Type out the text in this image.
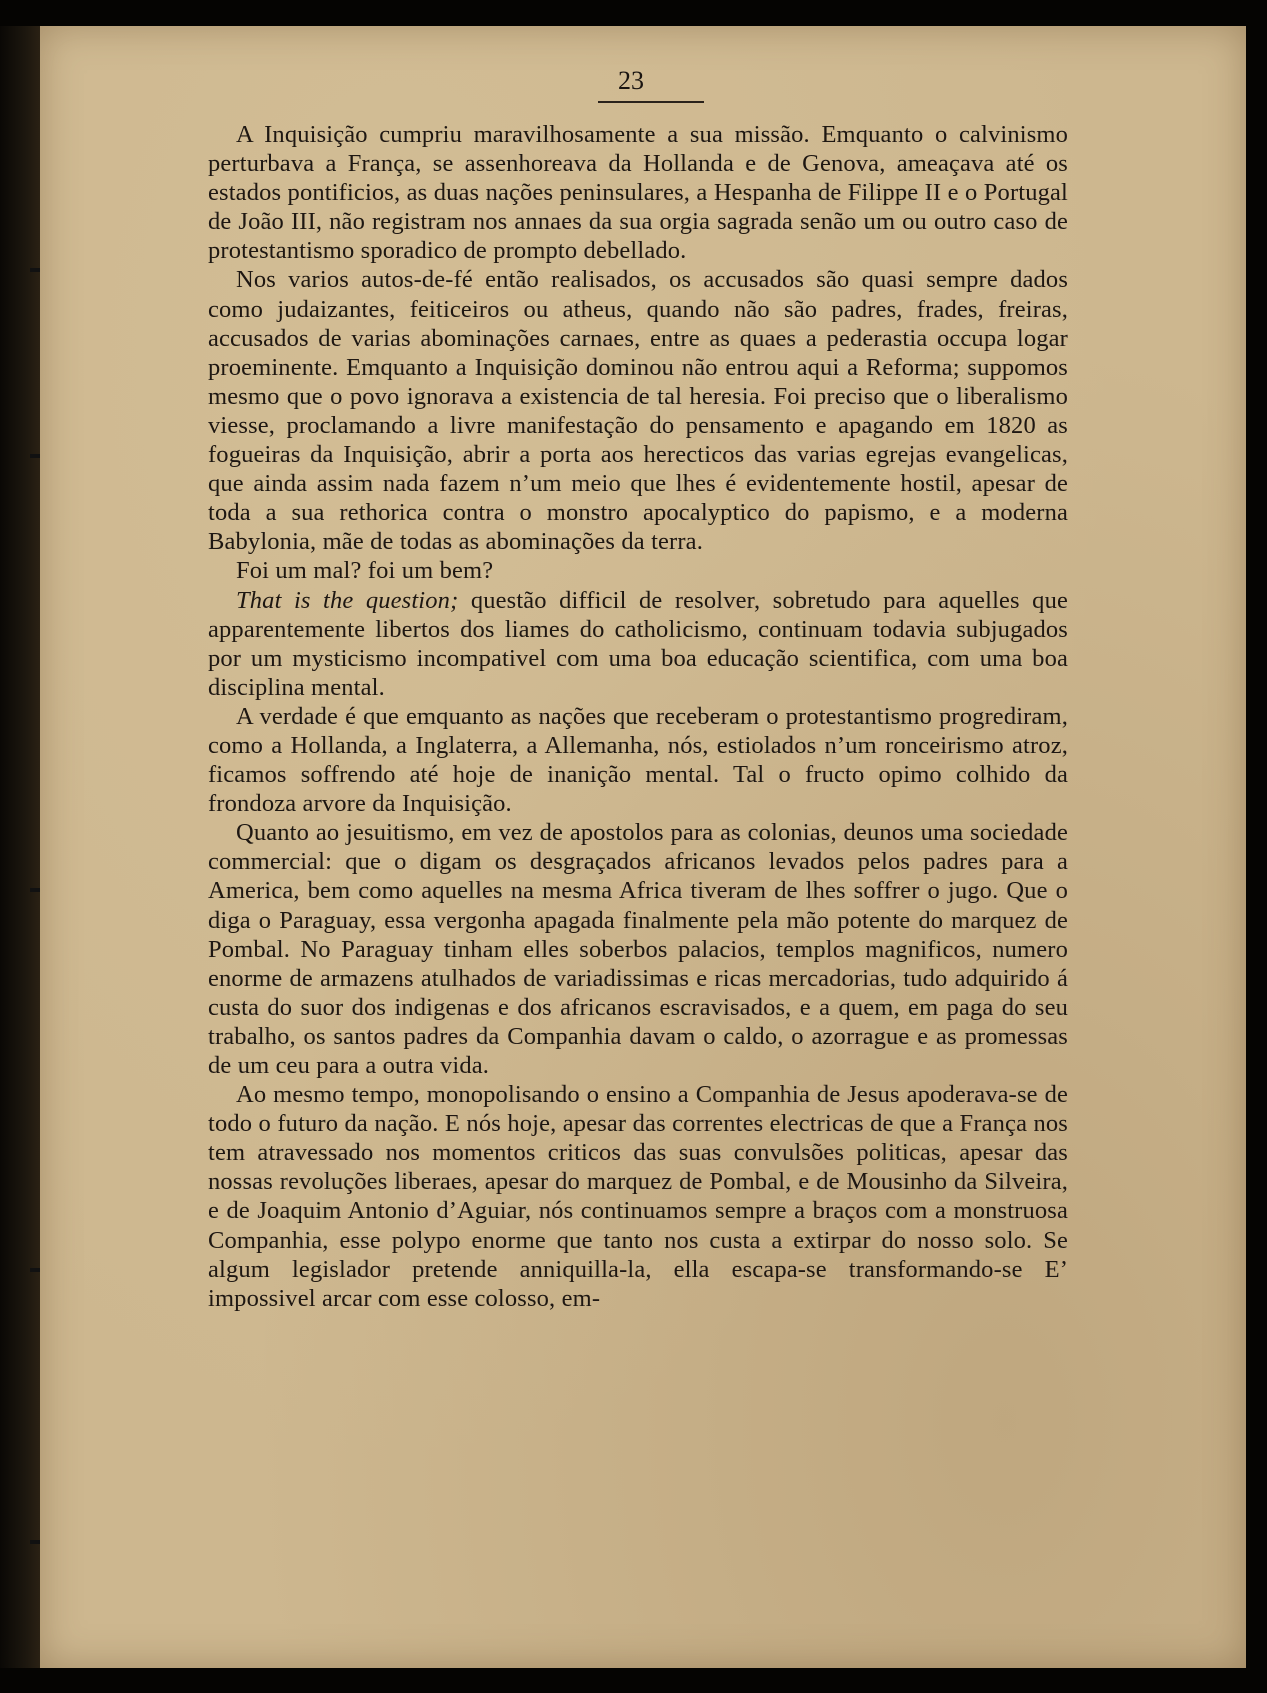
23

A Inquisição cumpriu maravilhosamente a sua missão. Emquanto o calvinismo perturbava a França, se assenhoreava da Hollanda e de Genova, ameaçava até os estados pontificios, as duas nações peninsulares, a Hespanha de Filippe II e o Portugal de João III, não registram nos annaes da sua orgia sagrada senão um ou outro caso de protestantismo sporadico de prompto debellado.

Nos varios autos-de-fé então realisados, os accusados são quasi sempre dados como judaizantes, feiticeiros ou atheus, quando não são padres, frades, freiras, accusados de varias abominações carnaes, entre as quaes a pederastia occupa logar proeminente. Emquanto a Inquisição dominou não entrou aqui a Reforma; suppomos mesmo que o povo ignorava a existencia de tal heresia. Foi preciso que o liberalismo viesse, proclamando a livre manifestação do pensamento e apagando em 1820 as fogueiras da Inquisição, abrir a porta aos herecticos das varias egrejas evangelicas, que ainda assim nada fazem n’um meio que lhes é evidentemente hostil, apesar de toda a sua rethorica contra o monstro apocalyptico do papismo, e a moderna Babylonia, mãe de todas as abominações da terra.

Foi um mal? foi um bem?

That is the question; questão difficil de resolver, sobretudo para aquelles que apparentemente libertos dos liames do catholicismo, continuam todavia subjugados por um mysticismo incompativel com uma boa educação scientifica, com uma boa disciplina mental.

A verdade é que emquanto as nações que receberam o protestantismo progrediram, como a Hollanda, a Inglaterra, a Allemanha, nós, estiolados n’um ronceirismo atroz, ficamos soffrendo até hoje de inanição mental. Tal o fructo opimo colhido da frondoza arvore da Inquisição.

Quanto ao jesuitismo, em vez de apostolos para as colonias, deunos uma sociedade commercial: que o digam os desgraçados africanos levados pelos padres para a America, bem como aquelles na mesma Africa tiveram de lhes soffrer o jugo. Que o diga o Paraguay, essa vergonha apagada finalmente pela mão potente do marquez de Pombal. No Paraguay tinham elles soberbos palacios, templos magnificos, numero enorme de armazens atulhados de variadissimas e ricas mercadorias, tudo adquirido á custa do suor dos indigenas e dos africanos escravisados, e a quem, em paga do seu trabalho, os santos padres da Companhia davam o caldo, o azorrague e as promessas de um ceu para a outra vida.

Ao mesmo tempo, monopolisando o ensino a Companhia de Jesus apoderava-se de todo o futuro da nação. E nós hoje, apesar das correntes electricas de que a França nos tem atravessado nos momentos criticos das suas convulsões politicas, apesar das nossas revoluções liberaes, apesar do marquez de Pombal, e de Mousinho da Silveira, e de Joaquim Antonio d’Aguiar, nós continuamos sempre a braços com a monstruosa Companhia, esse polypo enorme que tanto nos custa a extirpar do nosso solo. Se algum legislador pretende anniquilla-la, ella escapa-se transformando-se E’ impossivel arcar com esse colosso, em-
